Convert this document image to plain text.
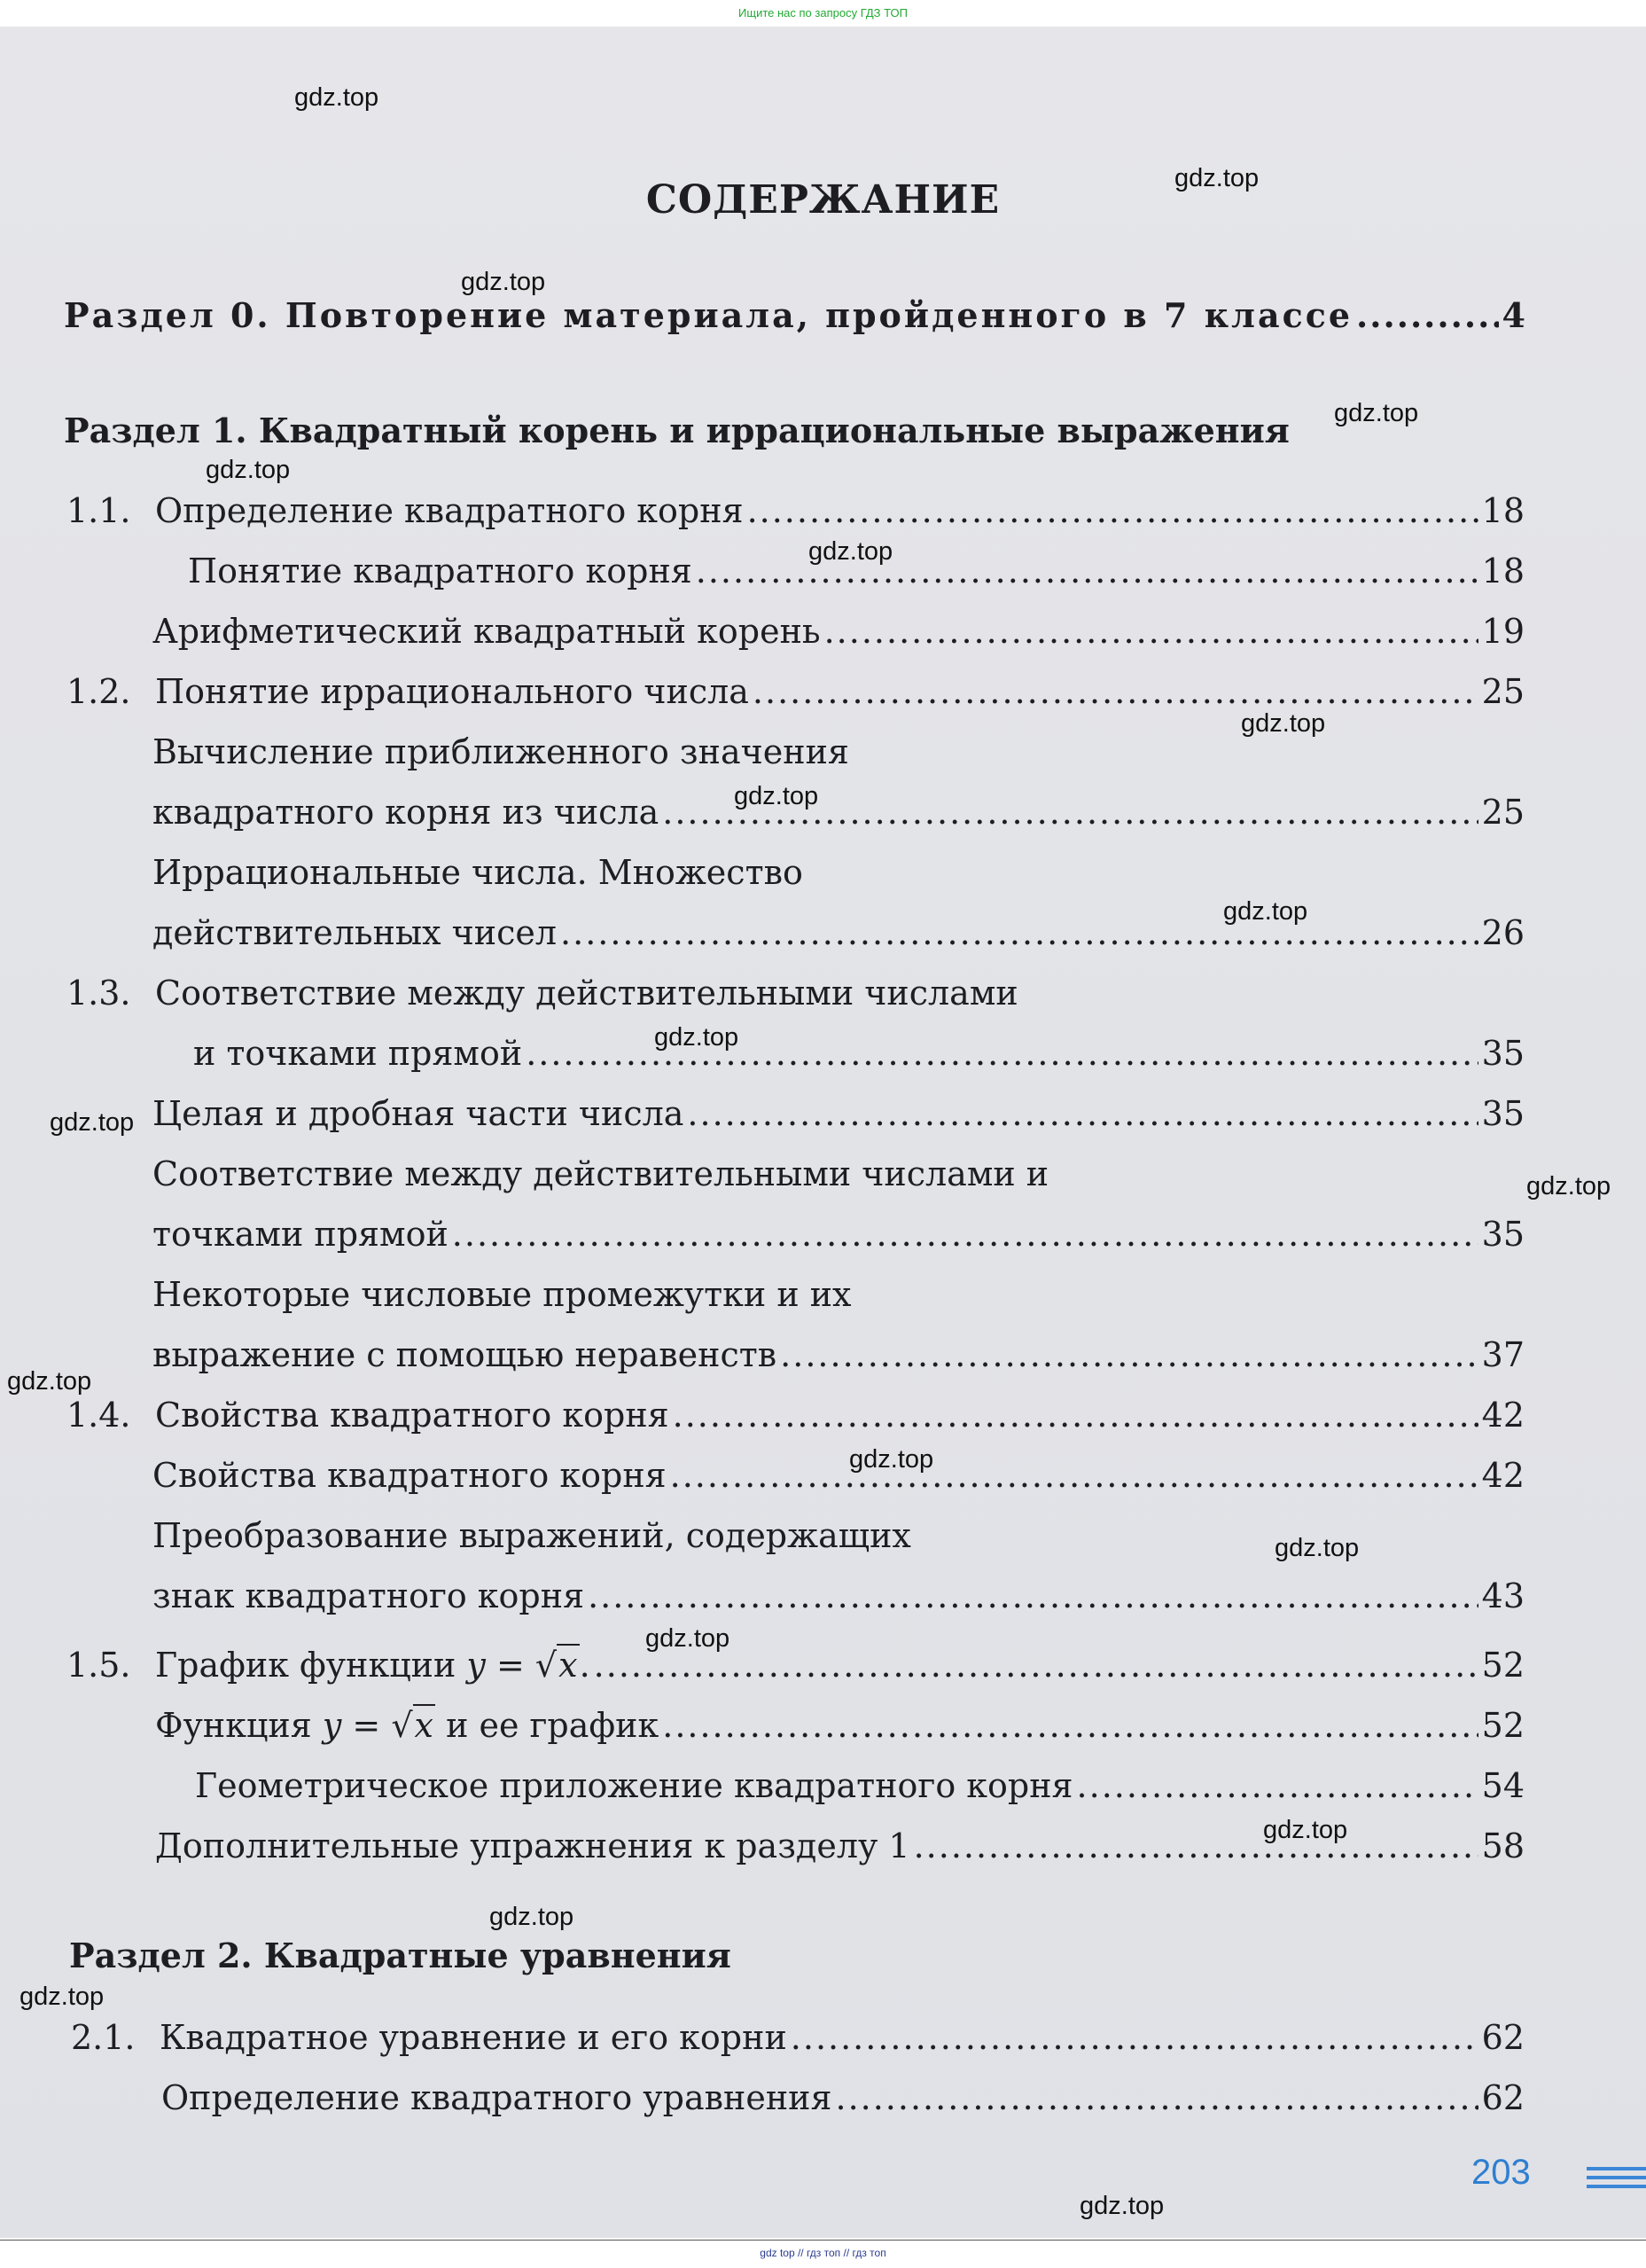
Ищите нас по запросу ГДЗ ТОП
СОДЕРЖАНИЕ
Раздел 0. Повторение материала, пройденного в 7 классе .....	4
Раздел 1. Квадратный корень и иррациональные выражения
1.1. Определение квадратного корня .....	18
Понятие квадратного корня .....	18
Арифметический квадратный корень .....	19
1.2. Понятие иррационального числа .....	25
Вычисление приближенного значения
квадратного корня из числа .....	25
Иррациональные числа. Множество
действительных чисел .....	26
1.3. Соответствие между действительными числами
и точками прямой .....	35
Целая и дробная части числа .....	35
Соответствие между действительными числами и
точками прямой .....	35
Некоторые числовые промежутки и их
выражение с помощью неравенств .....	37
1.4. Свойства квадратного корня .....	42
Свойства квадратного корня .....	42
Преобразование выражений, содержащих
знак квадратного корня .....	43
1.5. График функции y = √x. .....	52
Функция y = √x и ее график .....	52
Геометрическое приложение квадратного корня .....	54
Дополнительные упражнения к разделу 1 .....	58
Раздел 2. Квадратные уравнения
2.1. Квадратное уравнение и его корни .....	62
Определение квадратного уравнения .....	62
gdz.top
gdz.top
gdz.top
gdz.top
gdz.top
gdz.top
gdz.top
gdz.top
gdz.top
gdz.top
gdz.top
gdz.top
gdz.top
gdz.top
gdz.top
gdz.top
gdz.top
gdz.top
gdz.top
gdz.top
203
gdz top // гдз топ // гдз топ
